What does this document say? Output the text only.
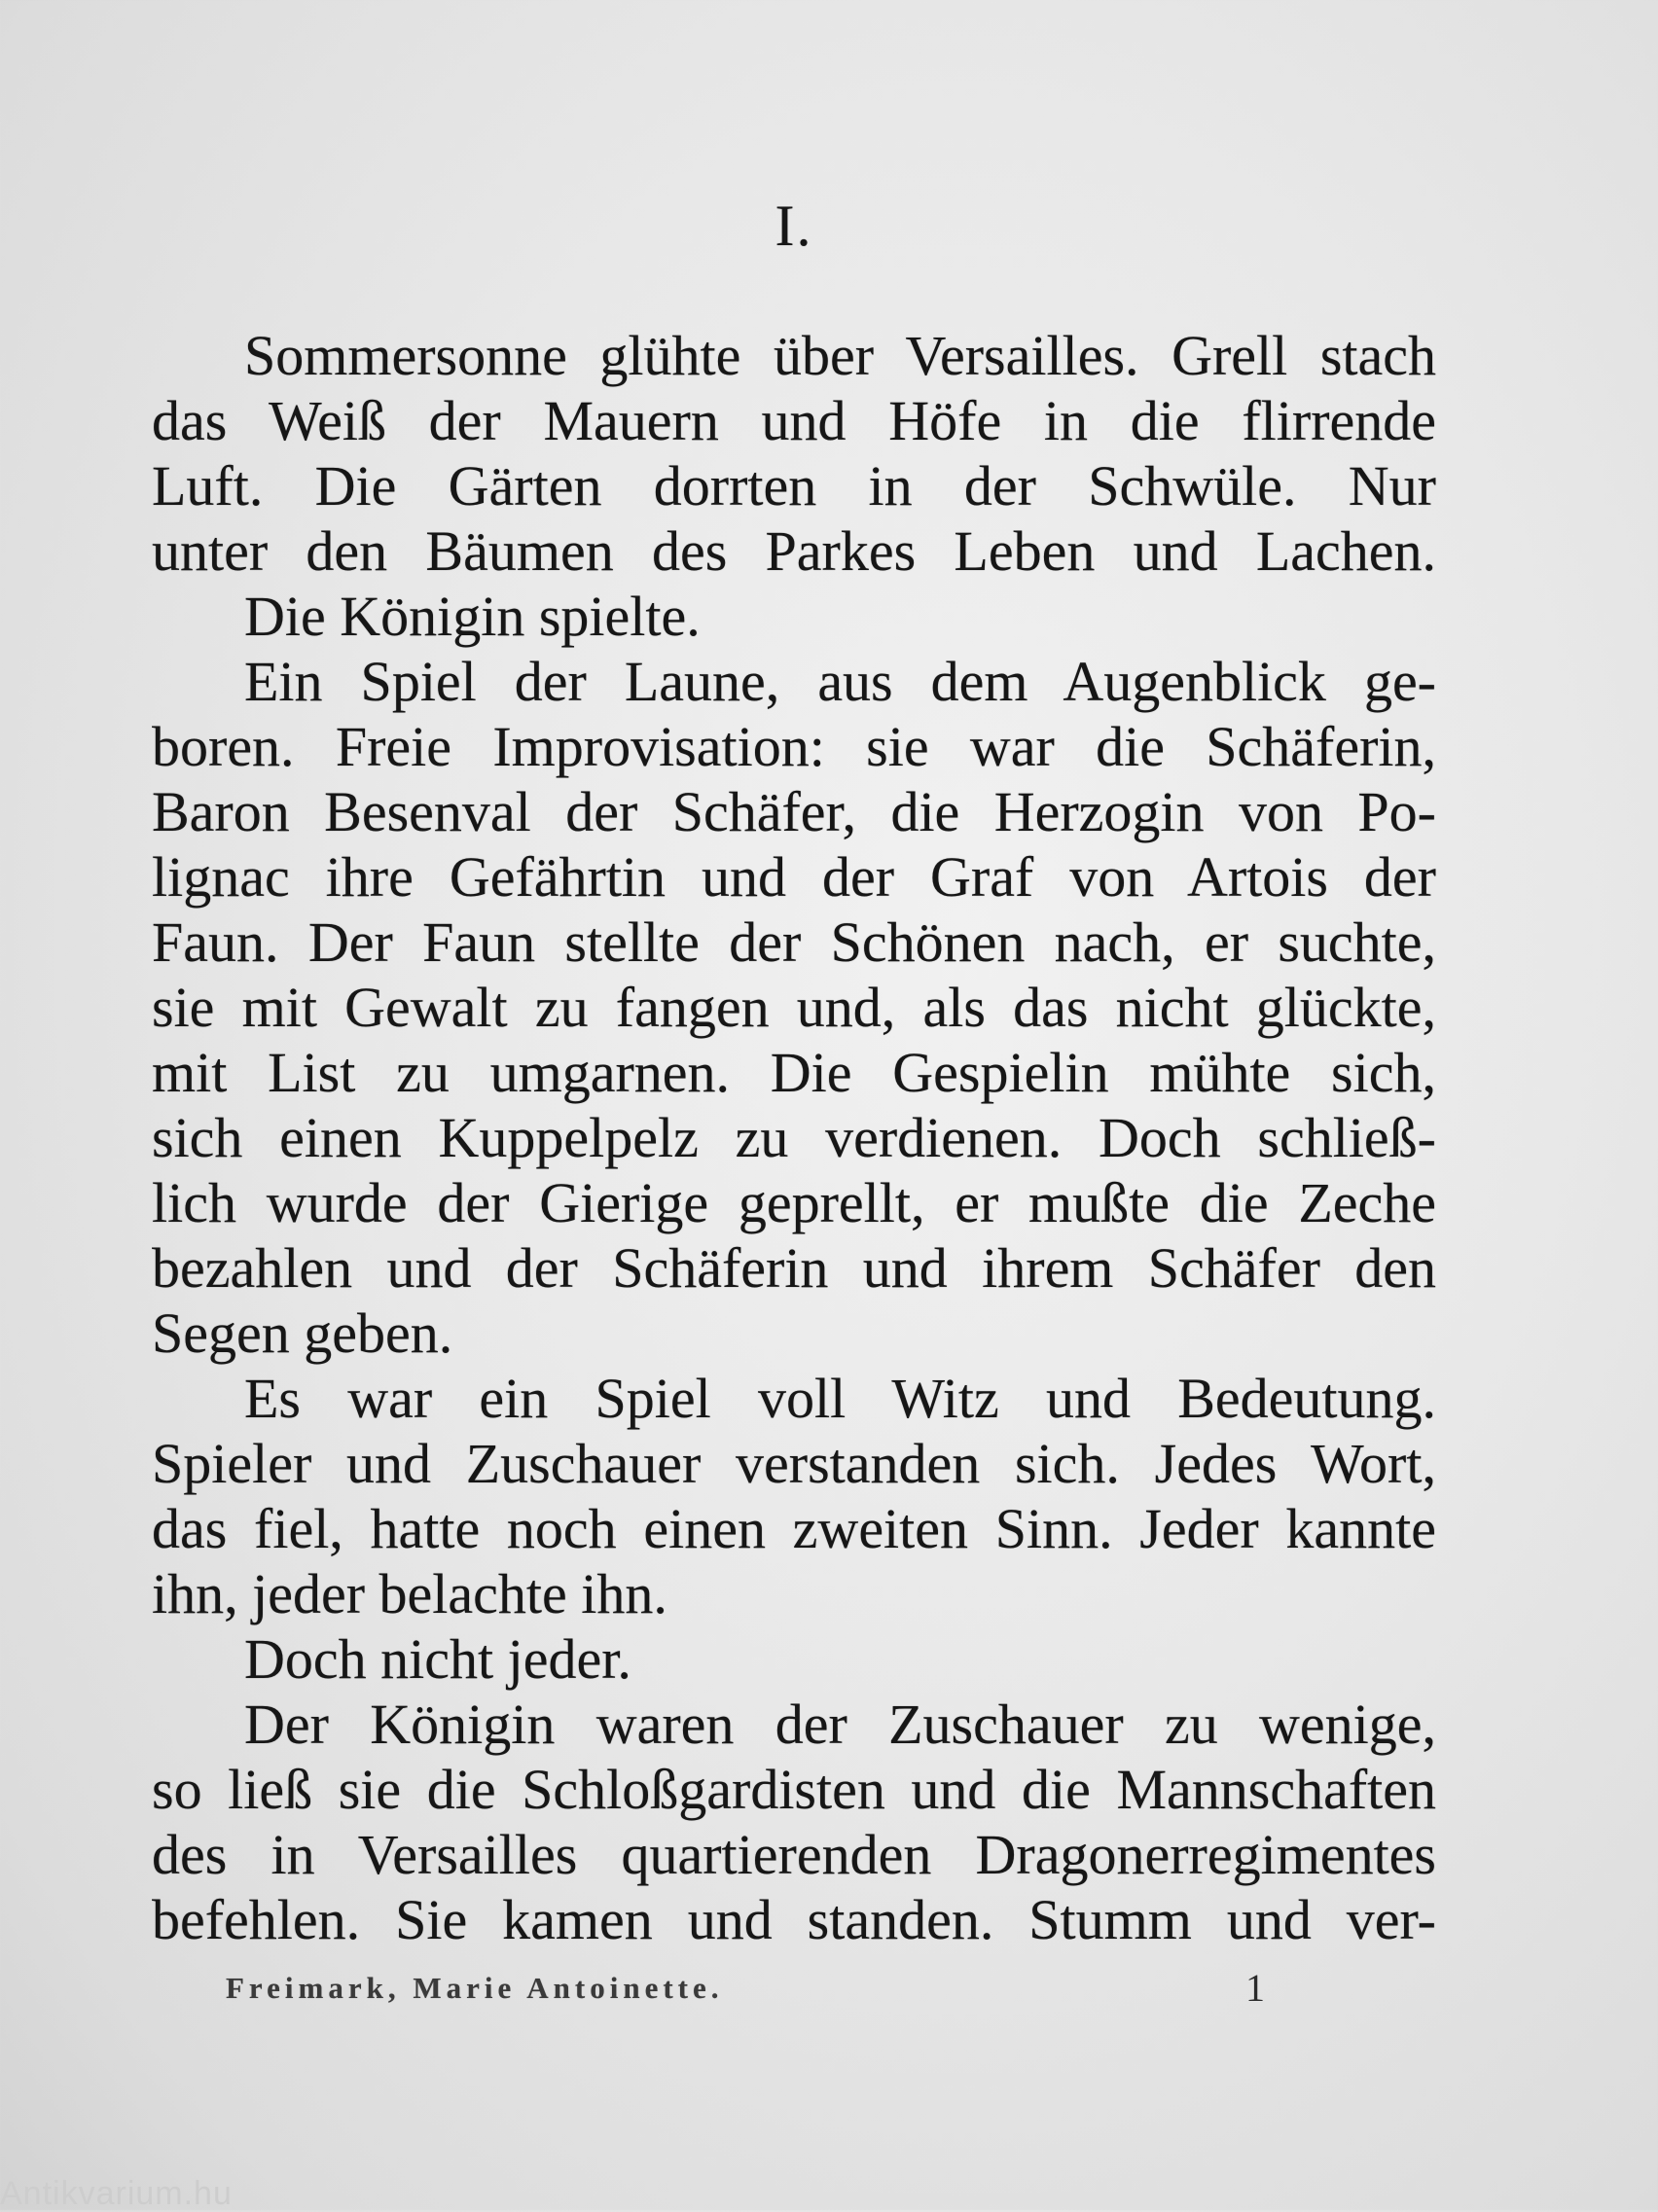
I.
Sommersonne glühte über Versailles. Grell stach
das Weiß der Mauern und Höfe in die flirrende
Luft. Die Gärten dorrten in der Schwüle. Nur
unter den Bäumen des Parkes Leben und Lachen.
Die Königin spielte.
Ein Spiel der Laune, aus dem Augenblick ge-
boren. Freie Improvisation: sie war die Schäferin,
Baron Besenval der Schäfer, die Herzogin von Po-
lignac ihre Gefährtin und der Graf von Artois der
Faun. Der Faun stellte der Schönen nach, er suchte,
sie mit Gewalt zu fangen und, als das nicht glückte,
mit List zu umgarnen. Die Gespielin mühte sich,
sich einen Kuppelpelz zu verdienen. Doch schließ-
lich wurde der Gierige geprellt, er mußte die Zeche
bezahlen und der Schäferin und ihrem Schäfer den
Segen geben.
Es war ein Spiel voll Witz und Bedeutung.
Spieler und Zuschauer verstanden sich. Jedes Wort,
das fiel, hatte noch einen zweiten Sinn. Jeder kannte
ihn, jeder belachte ihn.
Doch nicht jeder.
Der Königin waren der Zuschauer zu wenige,
so ließ sie die Schloßgardisten und die Mannschaften
des in Versailles quartierenden Dragonerregimentes
befehlen. Sie kamen und standen. Stumm und ver-
Freimark, Marie Antoinette.	1
Antikvarium.hu
